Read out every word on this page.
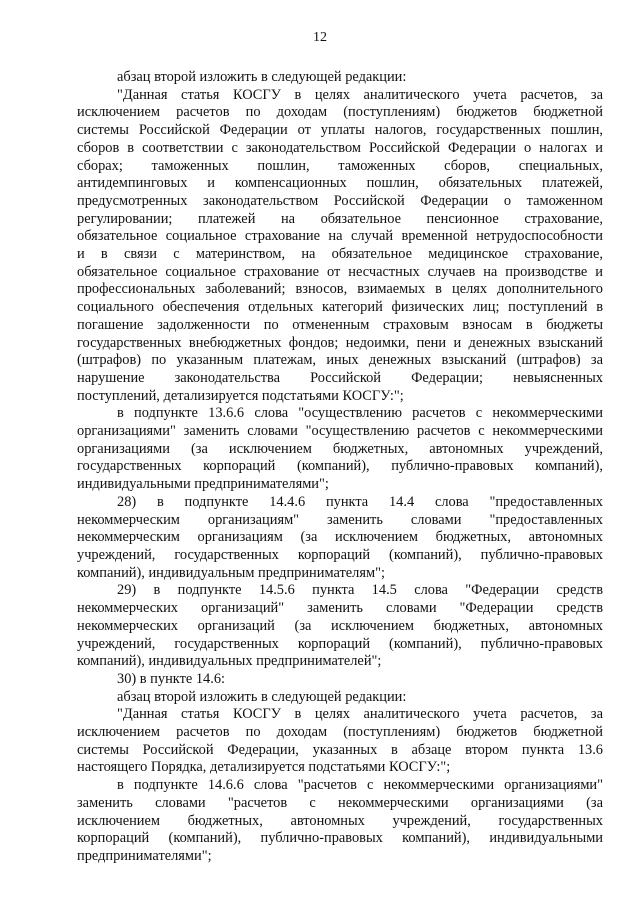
12
абзац второй изложить в следующей редакции:
"Данная статья КОСГУ в целях аналитического учета расчетов, за
исключением расчетов по доходам (поступлениям) бюджетов бюджетной
системы Российской Федерации от уплаты налогов, государственных пошлин,
сборов в соответствии с законодательством Российской Федерации о налогах и
сборах; таможенных пошлин, таможенных сборов, специальных,
антидемпинговых и компенсационных пошлин, обязательных платежей,
предусмотренных законодательством Российской Федерации о таможенном
регулировании; платежей на обязательное пенсионное страхование,
обязательное социальное страхование на случай временной нетрудоспособности
и в связи с материнством, на обязательное медицинское страхование,
обязательное социальное страхование от несчастных случаев на производстве и
профессиональных заболеваний; взносов, взимаемых в целях дополнительного
социального обеспечения отдельных категорий физических лиц; поступлений в
погашение задолженности по отмененным страховым взносам в бюджеты
государственных внебюджетных фондов; недоимки, пени и денежных взысканий
(штрафов) по указанным платежам, иных денежных взысканий (штрафов) за
нарушение законодательства Российской Федерации; невыясненных
поступлений, детализируется подстатьями КОСГУ:";
в подпункте 13.6.6 слова "осуществлению расчетов с некоммерческими
организациями" заменить словами "осуществлению расчетов с некоммерческими
организациями (за исключением бюджетных, автономных учреждений,
государственных корпораций (компаний), публично-правовых компаний),
индивидуальными предпринимателями";
28) в подпункте 14.4.6 пункта 14.4 слова "предоставленных
некоммерческим организациям" заменить словами "предоставленных
некоммерческим организациям (за исключением бюджетных, автономных
учреждений, государственных корпораций (компаний), публично-правовых
компаний), индивидуальным предпринимателям";
29) в подпункте 14.5.6 пункта 14.5 слова "Федерации средств
некоммерческих организаций" заменить словами "Федерации средств
некоммерческих организаций (за исключением бюджетных, автономных
учреждений, государственных корпораций (компаний), публично-правовых
компаний), индивидуальных предпринимателей";
30) в пункте 14.6:
абзац второй изложить в следующей редакции:
"Данная статья КОСГУ в целях аналитического учета расчетов, за
исключением расчетов по доходам (поступлениям) бюджетов бюджетной
системы Российской Федерации, указанных в абзаце втором пункта 13.6
настоящего Порядка, детализируется подстатьями КОСГУ:";
в подпункте 14.6.6 слова "расчетов с некоммерческими организациями"
заменить словами "расчетов с некоммерческими организациями (за
исключением бюджетных, автономных учреждений, государственных
корпораций (компаний), публично-правовых компаний), индивидуальными
предпринимателями";
